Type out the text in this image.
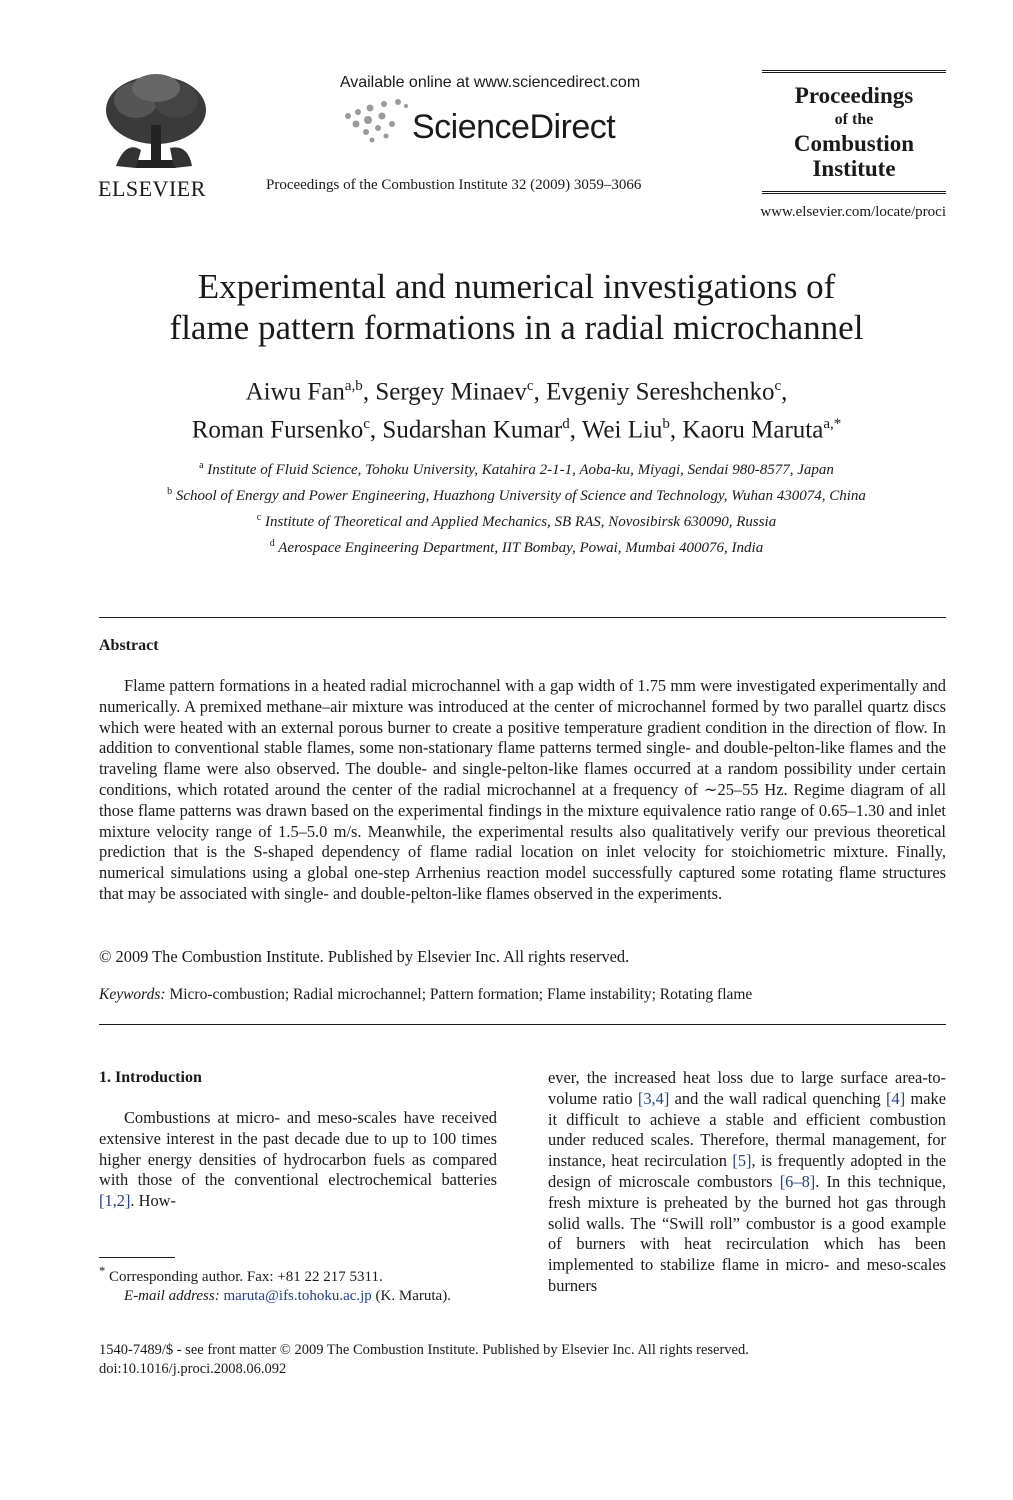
ELSEVIER
Available online at www.sciencedirect.com
ScienceDirect
Proceedings of the Combustion Institute 32 (2009) 3059–3066
Proceedings
of the
Combustion
Institute
www.elsevier.com/locate/proci
Experimental and numerical investigations of
flame pattern formations in a radial microchannel
Aiwu Fan$^{a,b}$, Sergey Minaev$^c$, Evgeniy Sereshchenko$^c$,
Roman Fursenko$^c$, Sudarshan Kumar$^d$, Wei Liu$^b$, Kaoru Maruta$^{a,*}$
$^a$ Institute of Fluid Science, Tohoku University, Katahira 2-1-1, Aoba-ku, Miyagi, Sendai 980-8577, Japan
$^b$ School of Energy and Power Engineering, Huazhong University of Science and Technology, Wuhan 430074, China
$^c$ Institute of Theoretical and Applied Mechanics, SB RAS, Novosibirsk 630090, Russia
$^d$ Aerospace Engineering Department, IIT Bombay, Powai, Mumbai 400076, India
Abstract
Flame pattern formations in a heated radial microchannel with a gap width of 1.75 mm were investigated experimentally and numerically. A premixed methane–air mixture was introduced at the center of microchannel formed by two parallel quartz discs which were heated with an external porous burner to create a positive temperature gradient condition in the direction of flow. In addition to conventional stable flames, some non-stationary flame patterns termed single- and double-pelton-like flames and the traveling flame were also observed. The double- and single-pelton-like flames occurred at a random possibility under certain conditions, which rotated around the center of the radial microchannel at a frequency of ∼25–55 Hz. Regime diagram of all those flame patterns was drawn based on the experimental findings in the mixture equivalence ratio range of 0.65–1.30 and inlet mixture velocity range of 1.5–5.0 m/s. Meanwhile, the experimental results also qualitatively verify our previous theoretical prediction that is the S-shaped dependency of flame radial location on inlet velocity for stoichiometric mixture. Finally, numerical simulations using a global one-step Arrhenius reaction model successfully captured some rotating flame structures that may be associated with single- and double-pelton-like flames observed in the experiments.
© 2009 The Combustion Institute. Published by Elsevier Inc. All rights reserved.
Keywords: Micro-combustion; Radial microchannel; Pattern formation; Flame instability; Rotating flame
1. Introduction
Combustions at micro- and meso-scales have received extensive interest in the past decade due to up to 100 times higher energy densities of hydrocarbon fuels as compared with those of the conventional electrochemical batteries [1,2]. How-
ever, the increased heat loss due to large surface area-to-volume ratio [3,4] and the wall radical quenching [4] make it difficult to achieve a stable and efficient combustion under reduced scales. Therefore, thermal management, for instance, heat recirculation [5], is frequently adopted in the design of microscale combustors [6–8]. In this technique, fresh mixture is preheated by the burned hot gas through solid walls. The “Swill roll” combustor is a good example of burners with heat recirculation which has been implemented to stabilize flame in micro- and meso-scales burners
* Corresponding author. Fax: +81 22 217 5311.
E-mail address: maruta@ifs.tohoku.ac.jp (K. Maruta).
1540-7489/$ - see front matter © 2009 The Combustion Institute. Published by Elsevier Inc. All rights reserved.
doi:10.1016/j.proci.2008.06.092
